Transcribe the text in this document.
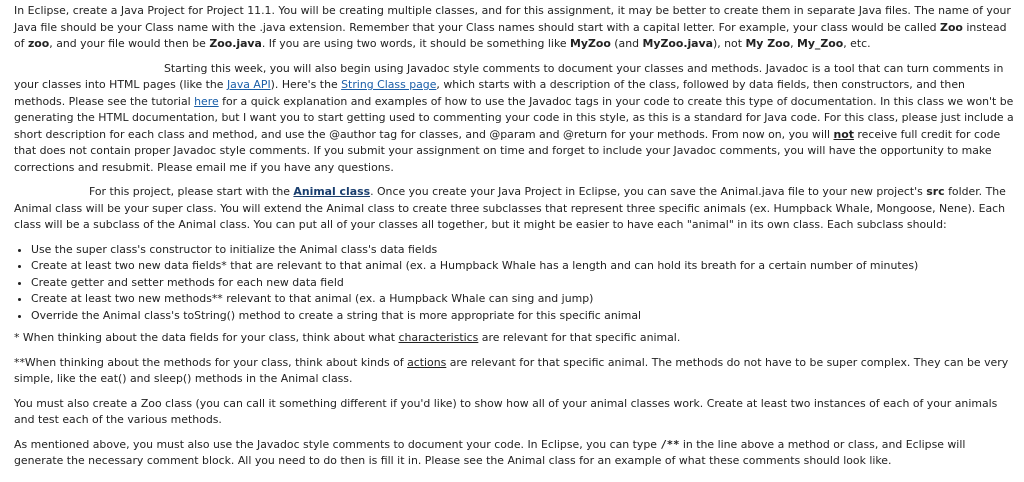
In Eclipse, create a Java Project for Project 11.1. You will be creating multiple classes, and for this assignment, it may be better to create them in separate Java files. The name of your Java file should be your Class name with the .java extension. Remember that your Class names should start with a capital letter. For example, your class would be called Zoo instead of zoo, and your file would then be Zoo.java. If you are using two words, it should be something like MyZoo (and MyZoo.java), not My Zoo, My_Zoo, etc.

Starting this week, you will also begin using Javadoc style comments to document your classes and methods. Javadoc is a tool that can turn comments in your classes into HTML pages (like the Java API). Here's the String Class page, which starts with a description of the class, followed by data fields, then constructors, and then methods. Please see the tutorial here for a quick explanation and examples of how to use the Javadoc tags in your code to create this type of documentation. In this class we won't be generating the HTML documentation, but I want you to start getting used to commenting your code in this style, as this is a standard for Java code. For this class, please just include a short description for each class and method, and use the @author tag for classes, and @param and @return for your methods. From now on, you will not receive full credit for code that does not contain proper Javadoc style comments. If you submit your assignment on time and forget to include your Javadoc comments, you will have the opportunity to make corrections and resubmit. Please email me if you have any questions.

For this project, please start with the Animal class. Once you create your Java Project in Eclipse, you can save the Animal.java file to your new project's src folder. The Animal class will be your super class. You will extend the Animal class to create three subclasses that represent three specific animals (ex. Humpback Whale, Mongoose, Nene). Each class will be a subclass of the Animal class. You can put all of your classes all together, but it might be easier to have each "animal" in its own class. Each subclass should:

• Use the super class's constructor to initialize the Animal class's data fields
• Create at least two new data fields* that are relevant to that animal (ex. a Humpback Whale has a length and can hold its breath for a certain number of minutes)
• Create getter and setter methods for each new data field
• Create at least two new methods** relevant to that animal (ex. a Humpback Whale can sing and jump)
• Override the Animal class's toString() method to create a string that is more appropriate for this specific animal

* When thinking about the data fields for your class, think about what characteristics are relevant for that specific animal.

**When thinking about the methods for your class, think about kinds of actions are relevant for that specific animal. The methods do not have to be super complex. They can be very simple, like the eat() and sleep() methods in the Animal class.

You must also create a Zoo class (you can call it something different if you'd like) to show how all of your animal classes work. Create at least two instances of each of your animals and test each of the various methods.

As mentioned above, you must also use the Javadoc style comments to document your code. In Eclipse, you can type /** in the line above a method or class, and Eclipse will generate the necessary comment block. All you need to do then is fill it in. Please see the Animal class for an example of what these comments should look like.
